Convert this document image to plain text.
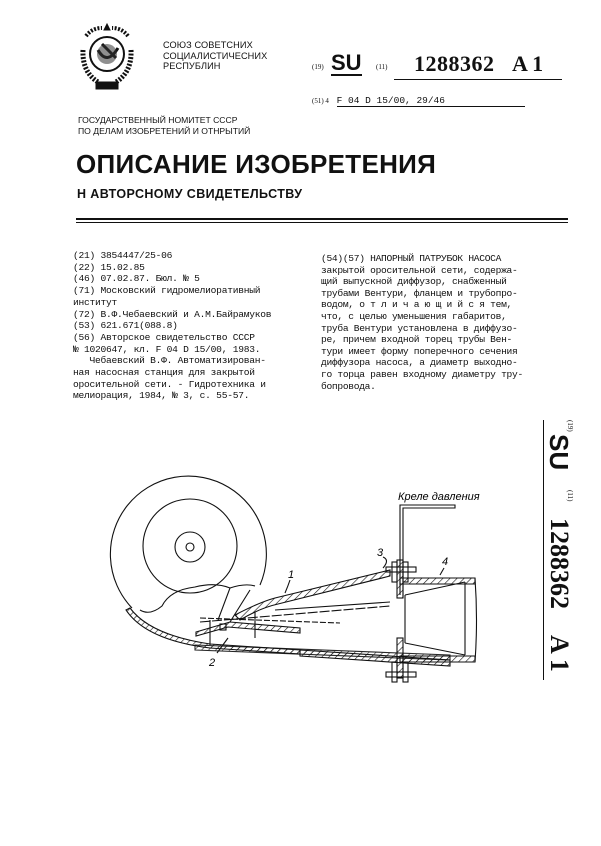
СОЮЗ СОВЕТСНИХ
СОЦИАЛИСТИЧЕСНИХ
РЕСПУБЛИН
ГОСУДАРСТВЕННЫЙ НОМИТЕТ СССР
ПО ДЕЛАМ ИЗОБРЕТЕНИЙ И ОТНРЫТИЙ
(19) SU (11) 1288362 A 1
(51) 4 F 04 D 15/00, 29/46
ОПИСАНИЕ ИЗОБРЕТЕНИЯ
Н АВТОРСНОМУ СВИДЕТЕЛЬСТВУ
(21) 3854447/25-06
(22) 15.02.85
(46) 07.02.87. Бюл. № 5
(71) Московский гидромелиоративный
институт
(72) В.Ф.Чебаевский и А.М.Байрамуков
(53) 621.671(088.8)
(56) Авторское свидетельство СССР
№ 1020647, кл. F 04 D 15/00, 1983.
Чебаевский В.Ф. Автоматизирован-
ная насосная станция для закрытой
оросительной сети. - Гидротехника и
мелиорация, 1984, № 3, с. 55-57.
(54)(57) НАПОРНЫЙ ПАТРУБОК НАСОСА
закрытой оросительной сети, содержа-
щий выпускной диффузор, снабженный
трубами Вентури, фланцем и трубопро-
водом, о т л и ч а ю щ и й с я тем,
что, с целью уменьшения габаритов,
труба Вентури установлена в диффузо-
ре, причем входной торец трубы Вен-
тури имеет форму поперечного сечения
диффузора насоса, а диаметр выходно-
го торца равен входному диаметру тру-
бопровода.
(19)
SU
(11)
1288362
A 1
1
2
3
4
Креле давления
